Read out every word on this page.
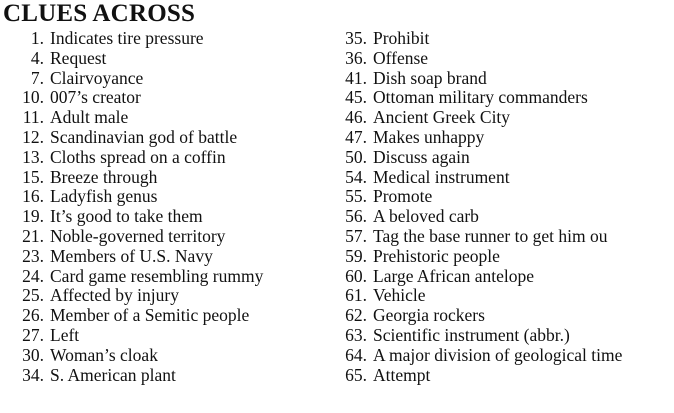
CLUES ACROSS
1. Indicates tire pressure
4. Request
7. Clairvoyance
10. 007’s creator
11. Adult male
12. Scandinavian god of battle
13. Cloths spread on a coffin
15. Breeze through
16. Ladyfish genus
19. It’s good to take them
21. Noble-governed territory
23. Members of U.S. Navy
24. Card game resembling rummy
25. Affected by injury
26. Member of a Semitic people
27. Left
30. Woman’s cloak
34. S. American plant
35. Prohibit
36. Offense
41. Dish soap brand
45. Ottoman military commanders
46. Ancient Greek City
47. Makes unhappy
50. Discuss again
54. Medical instrument
55. Promote
56. A beloved carb
57. Tag the base runner to get him ou
59. Prehistoric people
60. Large African antelope
61. Vehicle
62. Georgia rockers
63. Scientific instrument (abbr.)
64. A major division of geological time
65. Attempt
